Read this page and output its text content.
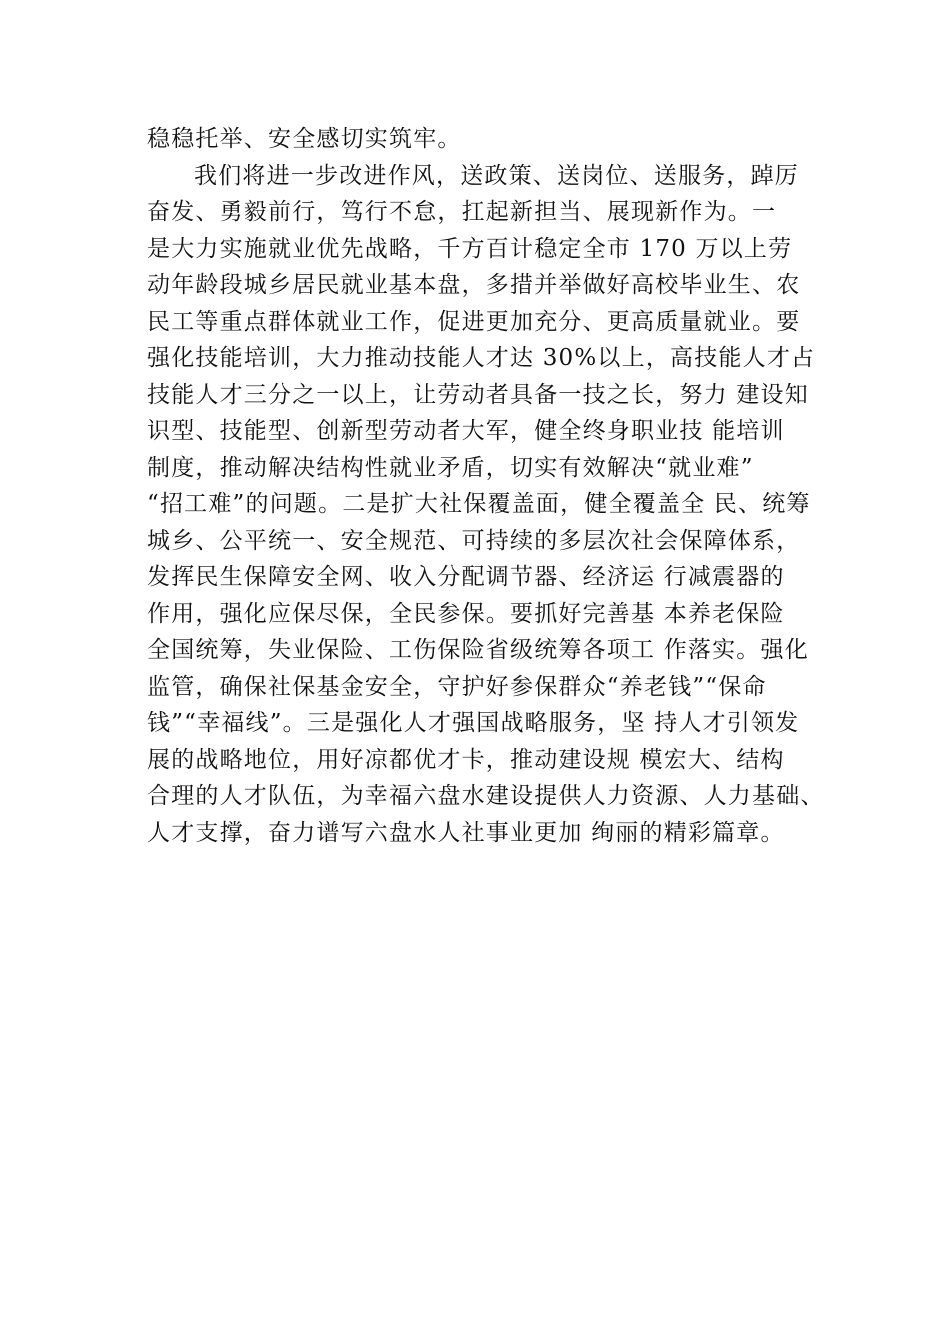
稳稳托举、安全感切实筑牢。
我们将进一步改进作风，送政策、送岗位、送服务，踔厉
奋发、勇毅前行，笃行不怠，扛起新担当、展现新作为。一
是大力实施就业优先战略，千方百计稳定全市 170 万以上劳
动年龄段城乡居民就业基本盘，多措并举做好高校毕业生、农
民工等重点群体就业工作，促进更加充分、更高质量就业。要
强化技能培训，大力推动技能人才达 30%以上，高技能人才占
技能人才三分之一以上，让劳动者具备一技之长，努力 建设知
识型、技能型、创新型劳动者大军，健全终身职业技 能培训
制度，推动解决结构性就业矛盾，切实有效解决“就业难”
“招工难”的问题。二是扩大社保覆盖面，健全覆盖全 民、统筹
城乡、公平统一、安全规范、可持续的多层次社会保障体系，
发挥民生保障安全网、收入分配调节器、经济运 行减震器的
作用，强化应保尽保，全民参保。要抓好完善基 本养老保险
全国统筹，失业保险、工伤保险省级统筹各项工 作落实。强化
监管，确保社保基金安全，守护好参保群众“养老钱”“保命
钱”“幸福线”。三是强化人才强国战略服务，坚 持人才引领发
展的战略地位，用好凉都优才卡，推动建设规 模宏大、结构
合理的人才队伍，为幸福六盘水建设提供人力资源、人力基础、
人才支撑，奋力谱写六盘水人社事业更加 绚丽的精彩篇章。
